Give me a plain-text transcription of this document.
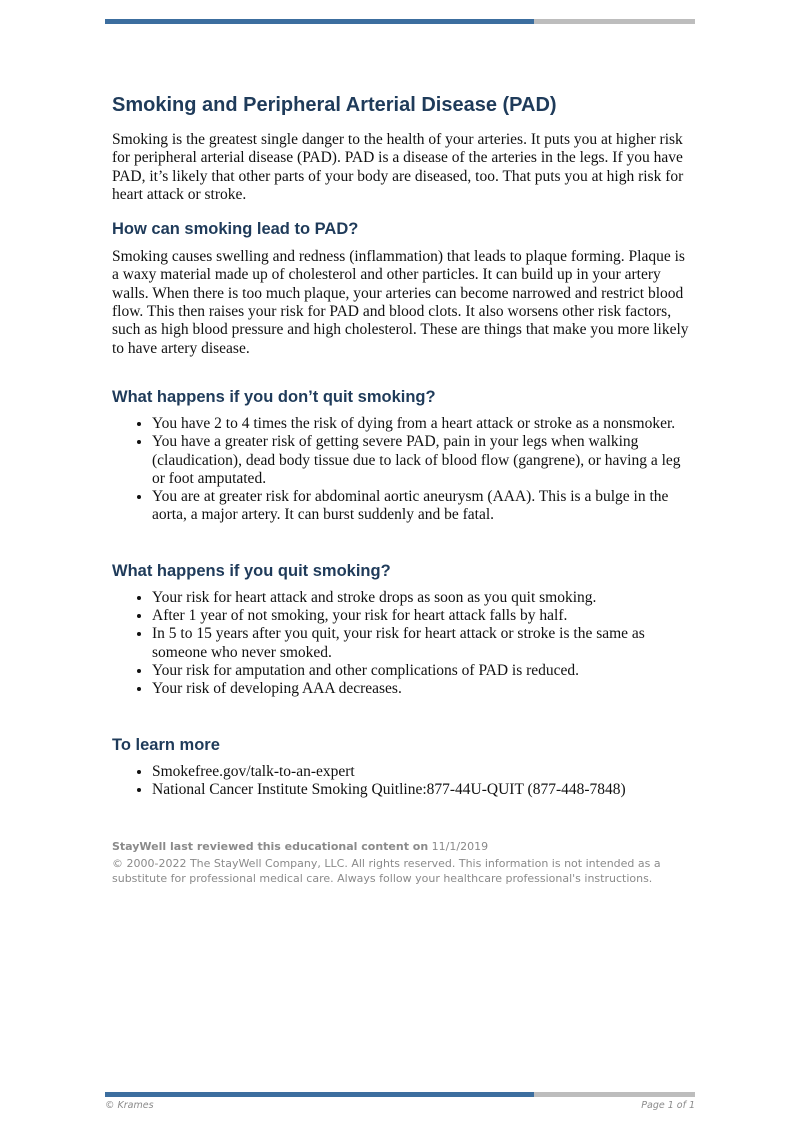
Smoking and Peripheral Arterial Disease (PAD)

Smoking is the greatest single danger to the health of your arteries. It puts you at higher risk for peripheral arterial disease (PAD). PAD is a disease of the arteries in the legs. If you have PAD, it’s likely that other parts of your body are diseased, too. That puts you at high risk for heart attack or stroke.

How can smoking lead to PAD?

Smoking causes swelling and redness (inflammation) that leads to plaque forming. Plaque is a waxy material made up of cholesterol and other particles. It can build up in your artery walls. When there is too much plaque, your arteries can become narrowed and restrict blood flow. This then raises your risk for PAD and blood clots. It also worsens other risk factors, such as high blood pressure and high cholesterol. These are things that make you more likely to have artery disease.

What happens if you don’t quit smoking?
• You have 2 to 4 times the risk of dying from a heart attack or stroke as a nonsmoker.
• You have a greater risk of getting severe PAD, pain in your legs when walking (claudication), dead body tissue due to lack of blood flow (gangrene), or having a leg or foot amputated.
• You are at greater risk for abdominal aortic aneurysm (AAA). This is a bulge in the aorta, a major artery. It can burst suddenly and be fatal.
What happens if you quit smoking?
• Your risk for heart attack and stroke drops as soon as you quit smoking.
• After 1 year of not smoking, your risk for heart attack falls by half.
• In 5 to 15 years after you quit, your risk for heart attack or stroke is the same as someone who never smoked.
• Your risk for amputation and other complications of PAD is reduced.
• Your risk of developing AAA decreases.
To learn more
• Smokefree.gov/talk-to-an-expert
• National Cancer Institute Smoking Quitline:877-44U-QUIT (877-448-7848)
StayWell last reviewed this educational content on 11/1/2019
© 2000-2022 The StayWell Company, LLC. All rights reserved. This information is not intended as a substitute for professional medical care. Always follow your healthcare professional's instructions.
© Krames	Page 1 of 1
